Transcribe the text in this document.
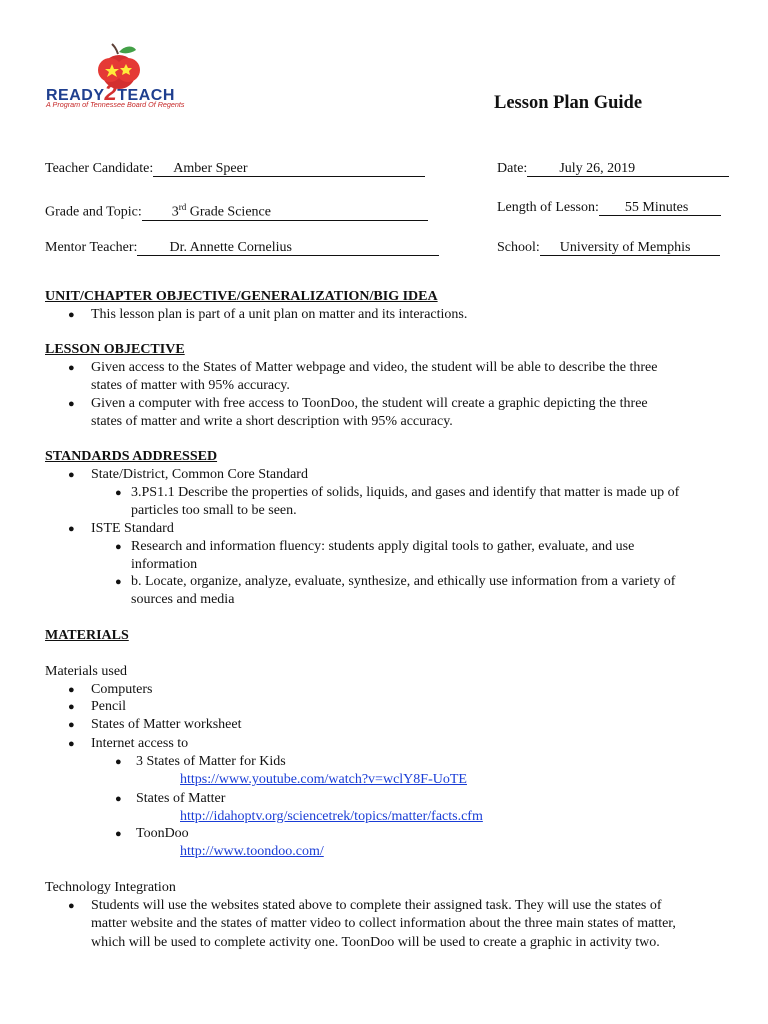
READY2TEACH
A Program of Tennessee Board Of Regents	Lesson Plan Guide
Teacher Candidate: Amber Speer	Date: July 26, 2019
Grade and Topic: 3rd Grade Science	Length of Lesson: 55 Minutes
Mentor Teacher: Dr. Annette Cornelius	School: University of Memphis
UNIT/CHAPTER OBJECTIVE/GENERALIZATION/BIG IDEA
● This lesson plan is part of a unit plan on matter and its interactions.
LESSON OBJECTIVE
● Given access to the States of Matter webpage and video, the student will be able to describe the three
states of matter with 95% accuracy.
● Given a computer with free access to ToonDoo, the student will create a graphic depicting the three
states of matter and write a short description with 95% accuracy.
STANDARDS ADDRESSED
● State/District, Common Core Standard
● 3.PS1.1 Describe the properties of solids, liquids, and gases and identify that matter is made up of
particles too small to be seen.
● ISTE Standard
● Research and information fluency: students apply digital tools to gather, evaluate, and use
information
● b. Locate, organize, analyze, evaluate, synthesize, and ethically use information from a variety of
sources and media
MATERIALS
Materials used
● Computers
● Pencil
● States of Matter worksheet
● Internet access to
● 3 States of Matter for Kids
https://www.youtube.com/watch?v=wclY8F-UoTE
● States of Matter
http://idahoptv.org/sciencetrek/topics/matter/facts.cfm
● ToonDoo
http://www.toondoo.com/
Technology Integration
● Students will use the websites stated above to complete their assigned task. They will use the states of
matter website and the states of matter video to collect information about the three main states of matter,
which will be used to complete activity one. ToonDoo will be used to create a graphic in activity two.
